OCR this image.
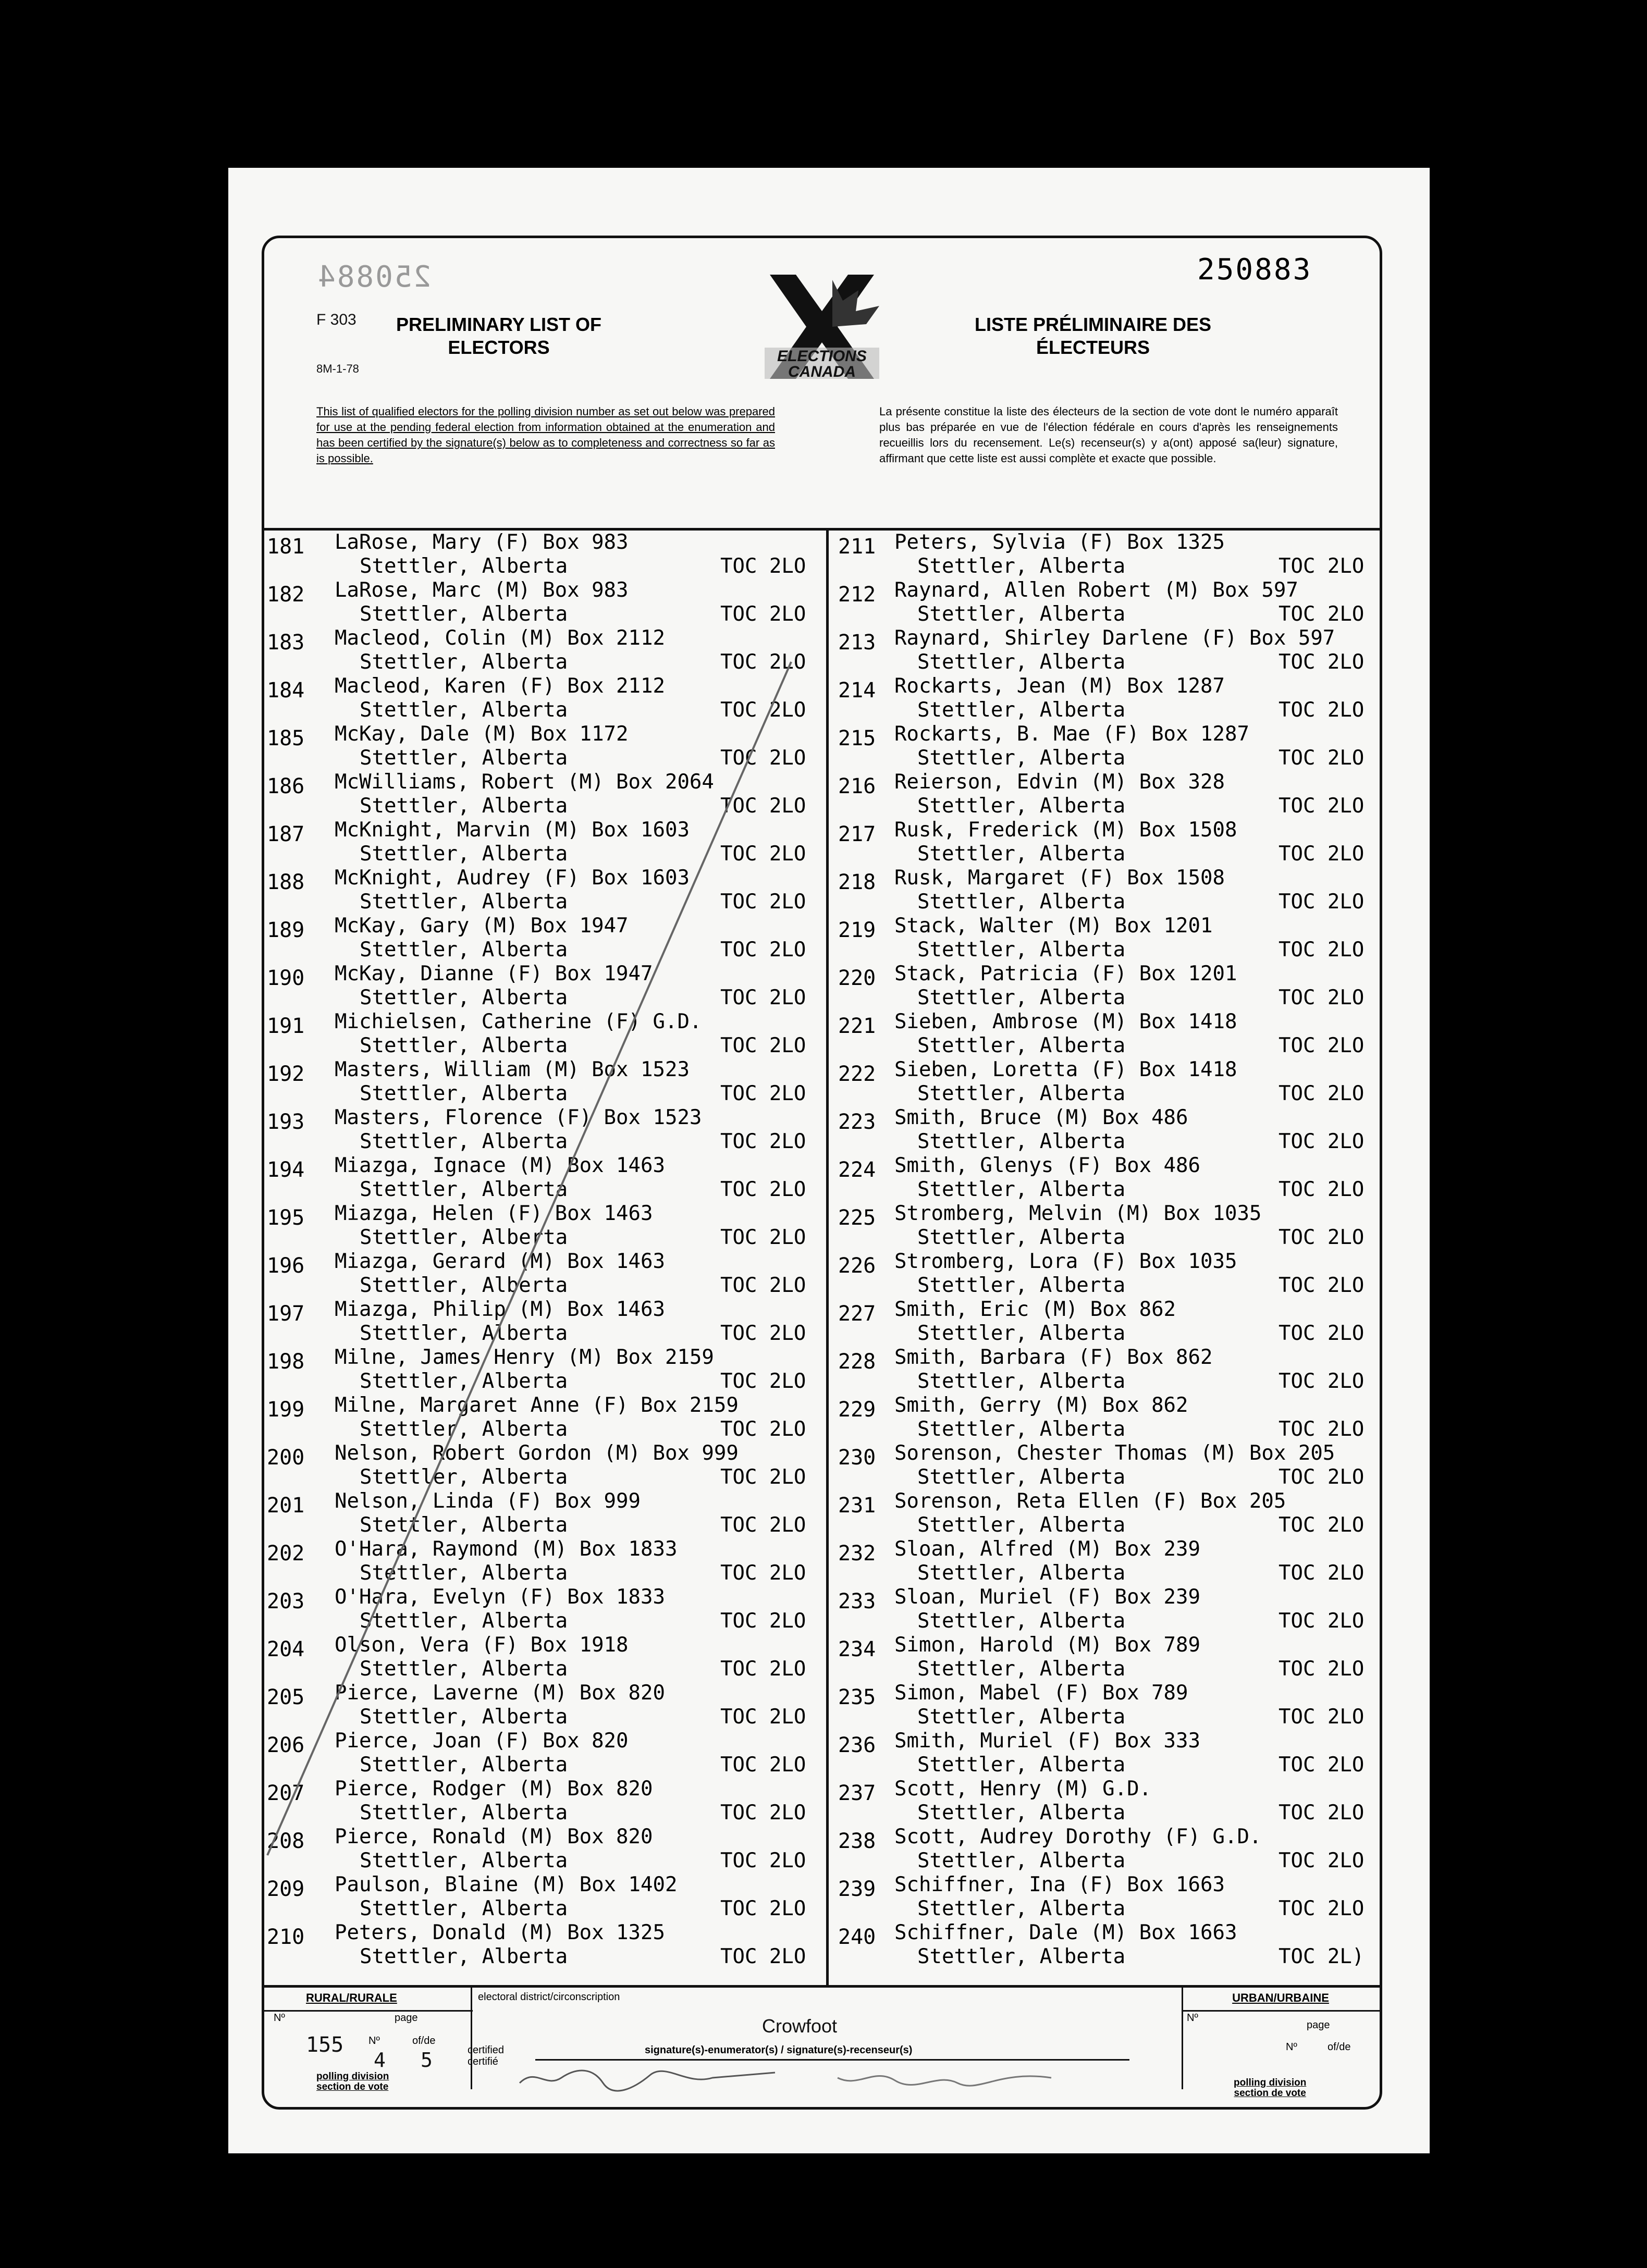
250884	250883
F 303
8M-1-78
PRELIMINARY LIST OF
ELECTORS	ELECTIONS
CANADA
LISTE PRÉLIMINAIRE DES
ÉLECTEURS
This list of qualified electors for the polling division number as set out below was prepared for use at the pending federal election from information obtained at the enumeration and has been certified by the signature(s) below as to completeness and correctness so far as is possible.
La présente constitue la liste des électeurs de la section de vote dont le numéro apparaît plus bas préparée en vue de l'élection fédérale en cours d'après les renseignements recueillis lors du recensement. Le(s) recenseur(s) y a(ont) apposé sa(leur) signature, affirmant que cette liste est aussi complète et exacte que possible.
RURAL/RURALE
Nº	page
155 Nº	of/de
4 5
polling division
section de vote
electoral district/circonscription
Crowfoot
certified
certifié
signature(s)-enumerator(s) / signature(s)-recenseur(s)
URBAN/URBAINE
Nº
page
Nº	of/de
polling division
section de vote
181 LaRose, Mary (F) Box 983
Stettler, Alberta	TOC 2LO
182 LaRose, Marc (M) Box 983
Stettler, Alberta	TOC 2LO
183 Macleod, Colin (M) Box 2112
Stettler, Alberta	TOC 2LO
184 Macleod, Karen (F) Box 2112
Stettler, Alberta	TOC 2LO
185 McKay, Dale (M) Box 1172
Stettler, Alberta	TOC 2LO
186 McWilliams, Robert (M) Box 2064
Stettler, Alberta	TOC 2LO
187 McKnight, Marvin (M) Box 1603
Stettler, Alberta	TOC 2LO
188 McKnight, Audrey (F) Box 1603
Stettler, Alberta	TOC 2LO
189 McKay, Gary (M) Box 1947
Stettler, Alberta	TOC 2LO
190 McKay, Dianne (F) Box 1947
Stettler, Alberta	TOC 2LO
191 Michielsen, Catherine (F) G.D.
Stettler, Alberta	TOC 2LO
192 Masters, William (M) Box 1523
Stettler, Alberta	TOC 2LO
193 Masters, Florence (F) Box 1523
Stettler, Alberta	TOC 2LO
194 Miazga, Ignace (M) Box 1463
Stettler, Alberta	TOC 2LO
195 Miazga, Helen (F) Box 1463
Stettler, Alberta	TOC 2LO
196 Miazga, Gerard (M) Box 1463
Stettler, Alberta	TOC 2LO
197 Miazga, Philip (M) Box 1463
Stettler, Alberta	TOC 2LO
198 Milne, James Henry (M) Box 2159
Stettler, Alberta	TOC 2LO
199 Milne, Margaret Anne (F) Box 2159
Stettler, Alberta	TOC 2LO
200 Nelson, Robert Gordon (M) Box 999
Stettler, Alberta	TOC 2LO
201 Nelson, Linda (F) Box 999
Stettler, Alberta	TOC 2LO
202 O'Hara, Raymond (M) Box 1833
Stettler, Alberta	TOC 2LO
203 O'Hara, Evelyn (F) Box 1833
Stettler, Alberta	TOC 2LO
204 Olson, Vera (F) Box 1918
Stettler, Alberta	TOC 2LO
205 Pierce, Laverne (M) Box 820
Stettler, Alberta	TOC 2LO
206 Pierce, Joan (F) Box 820
Stettler, Alberta	TOC 2LO
207 Pierce, Rodger (M) Box 820
Stettler, Alberta	TOC 2LO
208 Pierce, Ronald (M) Box 820
Stettler, Alberta	TOC 2LO
209 Paulson, Blaine (M) Box 1402
Stettler, Alberta	TOC 2LO
210 Peters, Donald (M) Box 1325
Stettler, Alberta	TOC 2LO
211 Peters, Sylvia (F) Box 1325
Stettler, Alberta	TOC 2LO
212 Raynard, Allen Robert (M) Box 597
Stettler, Alberta	TOC 2LO
213 Raynard, Shirley Darlene (F) Box 597
Stettler, Alberta	TOC 2LO
214 Rockarts, Jean (M) Box 1287
Stettler, Alberta	TOC 2LO
215 Rockarts, B. Mae (F) Box 1287
Stettler, Alberta	TOC 2LO
216 Reierson, Edvin (M) Box 328
Stettler, Alberta	TOC 2LO
217 Rusk, Frederick (M) Box 1508
Stettler, Alberta	TOC 2LO
218 Rusk, Margaret (F) Box 1508
Stettler, Alberta	TOC 2LO
219 Stack, Walter (M) Box 1201
Stettler, Alberta	TOC 2LO
220 Stack, Patricia (F) Box 1201
Stettler, Alberta	TOC 2LO
221 Sieben, Ambrose (M) Box 1418
Stettler, Alberta	TOC 2LO
222 Sieben, Loretta (F) Box 1418
Stettler, Alberta	TOC 2LO
223 Smith, Bruce (M) Box 486
Stettler, Alberta	TOC 2LO
224 Smith, Glenys (F) Box 486
Stettler, Alberta	TOC 2LO
225 Stromberg, Melvin (M) Box 1035
Stettler, Alberta	TOC 2LO
226 Stromberg, Lora (F) Box 1035
Stettler, Alberta	TOC 2LO
227 Smith, Eric (M) Box 862
Stettler, Alberta	TOC 2LO
228 Smith, Barbara (F) Box 862
Stettler, Alberta	TOC 2LO
229 Smith, Gerry (M) Box 862
Stettler, Alberta	TOC 2LO
230 Sorenson, Chester Thomas (M) Box 205
Stettler, Alberta	TOC 2LO
231 Sorenson, Reta Ellen (F) Box 205
Stettler, Alberta	TOC 2LO
232 Sloan, Alfred (M) Box 239
Stettler, Alberta	TOC 2LO
233 Sloan, Muriel (F) Box 239
Stettler, Alberta	TOC 2LO
234 Simon, Harold (M) Box 789
Stettler, Alberta	TOC 2LO
235 Simon, Mabel (F) Box 789
Stettler, Alberta	TOC 2LO
236 Smith, Muriel (F) Box 333
Stettler, Alberta	TOC 2LO
237 Scott, Henry (M) G.D.
Stettler, Alberta	TOC 2LO
238 Scott, Audrey Dorothy (F) G.D.
Stettler, Alberta	TOC 2LO
239 Schiffner, Ina (F) Box 1663
Stettler, Alberta	TOC 2LO
240 Schiffner, Dale (M) Box 1663
Stettler, Alberta	TOC 2L)
